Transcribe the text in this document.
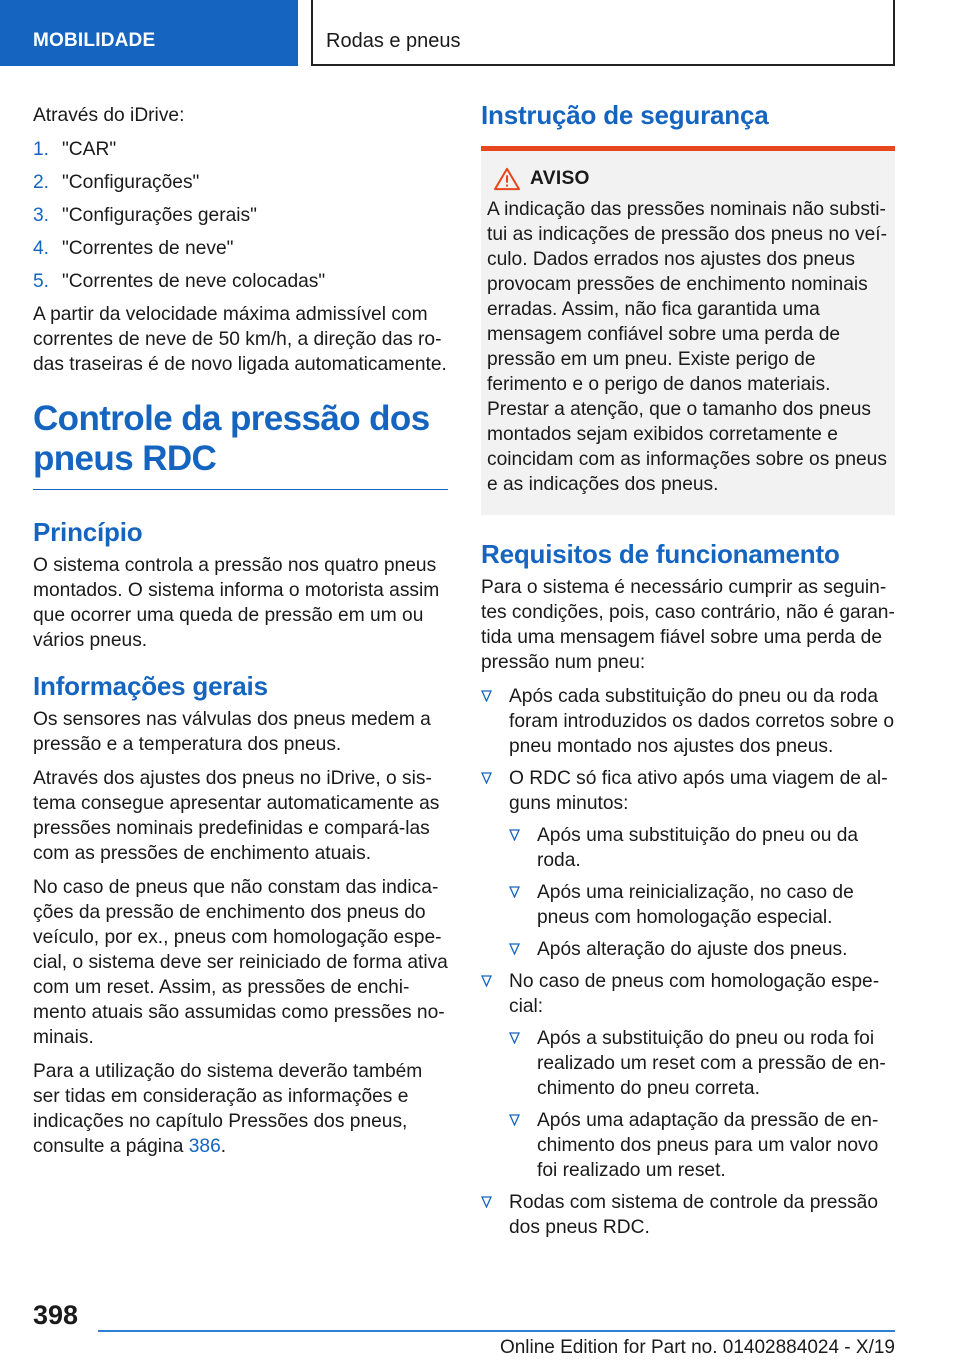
MOBILIDADE	Rodas e pneus

Através do iDrive:

1. "CAR"
2. "Configurações"
3. "Configurações gerais"
4. "Correntes de neve"
5. "Correntes de neve colocadas"

A partir da velocidade máxima admissível com correntes de neve de 50 km/h, a direção das rodas traseiras é de novo ligada automaticamente.

Controle da pressão dos pneus RDC
Princípio

O sistema controla a pressão nos quatro pneus montados. O sistema informa o motorista assim que ocorrer uma queda de pressão em um ou vários pneus.

Informações gerais

Os sensores nas válvulas dos pneus medem a pressão e a temperatura dos pneus.

Através dos ajustes dos pneus no iDrive, o sistema consegue apresentar automaticamente as pressões nominais predefinidas e compará-las com as pressões de enchimento atuais.

No caso de pneus que não constam das indicações da pressão de enchimento dos pneus do veículo, por ex., pneus com homologação especial, o sistema deve ser reiniciado de forma ativa com um reset. Assim, as pressões de enchimento atuais são assumidas como pressões nominais.

Para a utilização do sistema deverão também ser tidas em consideração as informações e indicações no capítulo Pressões dos pneus, consulte a página 386.

Instrução de segurança
AVISO

A indicação das pressões nominais não substitui as indicações de pressão dos pneus no veículo. Dados errados nos ajustes dos pneus provocam pressões de enchimento nominais erradas. Assim, não fica garantida uma mensagem confiável sobre uma perda de pressão em um pneu. Existe perigo de ferimento e o perigo de danos materiais. Prestar a atenção, que o tamanho dos pneus montados sejam exibidos corretamente e coincidam com as informações sobre os pneus e as indicações dos pneus.

Requisitos de funcionamento

Para o sistema é necessário cumprir as seguintes condições, pois, caso contrário, não é garantida uma mensagem fiável sobre uma perda de pressão num pneu:

Após cada substituição do pneu ou da roda foram introduzidos os dados corretos sobre o pneu montado nos ajustes dos pneus.
O RDC só fica ativo após uma viagem de alguns minutos:
Após uma substituição do pneu ou da roda.
Após uma reinicialização, no caso de pneus com homologação especial.
Após alteração do ajuste dos pneus.
No caso de pneus com homologação especial:
Após a substituição do pneu ou roda foi realizado um reset com a pressão de enchimento do pneu correta.
Após uma adaptação da pressão de enchimento dos pneus para um valor novo foi realizado um reset.
Rodas com sistema de controle da pressão dos pneus RDC.
398
Online Edition for Part no. 01402884024 - X/19
